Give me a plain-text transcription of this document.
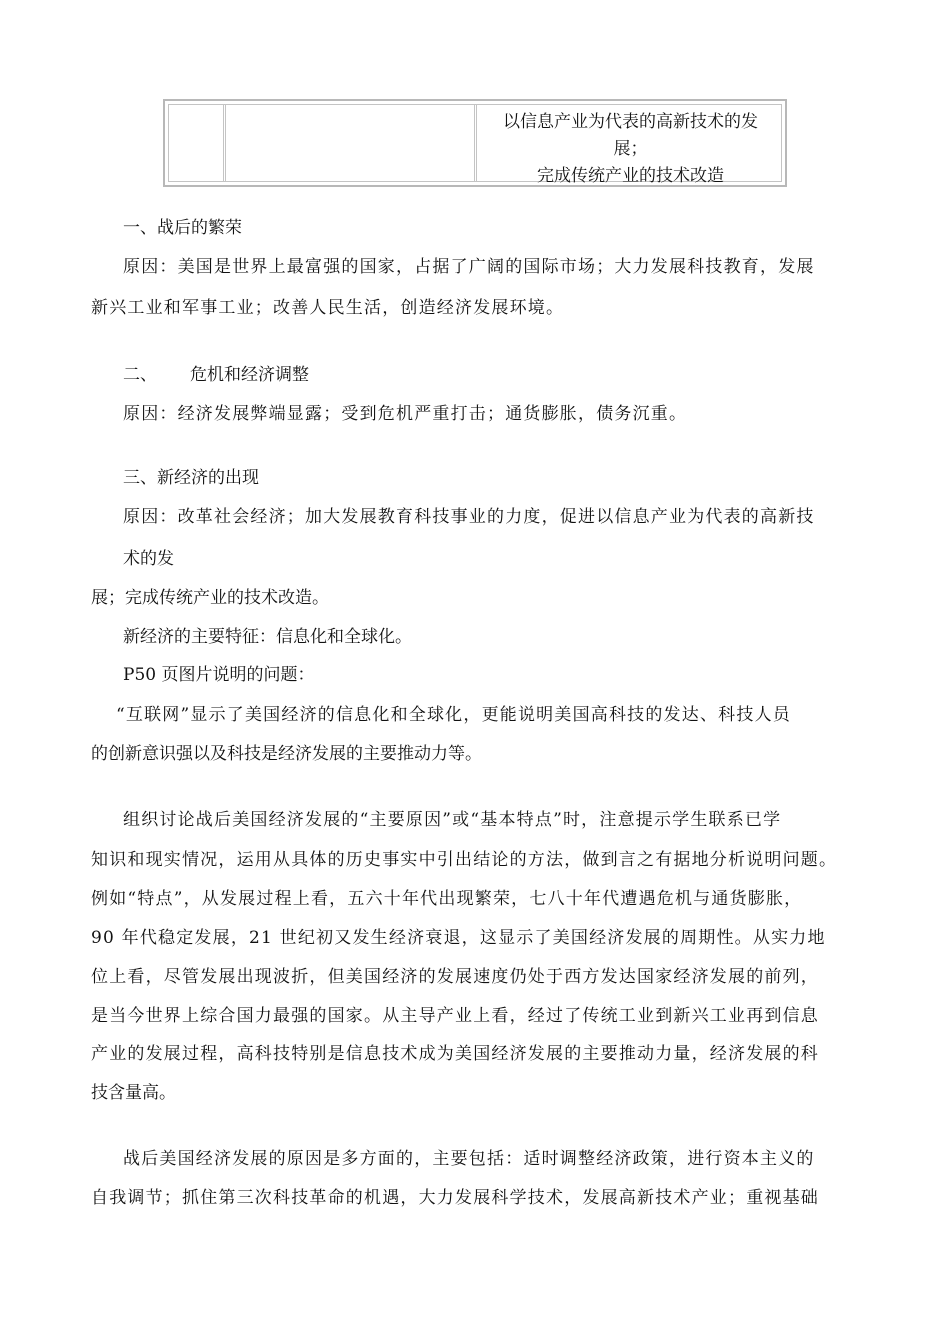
以信息产业为代表的高新技术的发
展；
完成传统产业的技术改造
一、战后的繁荣
原因：美国是世界上最富强的国家，占据了广阔的国际市场；大力发展科技教育，发展
新兴工业和军事工业；改善人民生活，创造经济发展环境。
二、 危机和经济调整
原因：经济发展弊端显露；受到危机严重打击；通货膨胀，债务沉重。
三、新经济的出现
原因：改革社会经济；加大发展教育科技事业的力度，促进以信息产业为代表的高新技
术的发
展；完成传统产业的技术改造。
新经济的主要特征：信息化和全球化。
P50 页图片说明的问题：
“互联网”显示了美国经济的信息化和全球化，更能说明美国高科技的发达、科技人员
的创新意识强以及科技是经济发展的主要推动力等。
组织讨论战后美国经济发展的“主要原因”或“基本特点”时，注意提示学生联系已学
知识和现实情况，运用从具体的历史事实中引出结论的方法，做到言之有据地分析说明问题。
例如“特点”，从发展过程上看，五六十年代出现繁荣，七八十年代遭遇危机与通货膨胀，
90 年代稳定发展，21 世纪初又发生经济衰退，这显示了美国经济发展的周期性。从实力地
位上看，尽管发展出现波折，但美国经济的发展速度仍处于西方发达国家经济发展的前列，
是当今世界上综合国力最强的国家。从主导产业上看，经过了传统工业到新兴工业再到信息
产业的发展过程，高科技特别是信息技术成为美国经济发展的主要推动力量，经济发展的科
技含量高。
战后美国经济发展的原因是多方面的，主要包括：适时调整经济政策，进行资本主义的
自我调节；抓住第三次科技革命的机遇，大力发展科学技术，发展高新技术产业；重视基础
